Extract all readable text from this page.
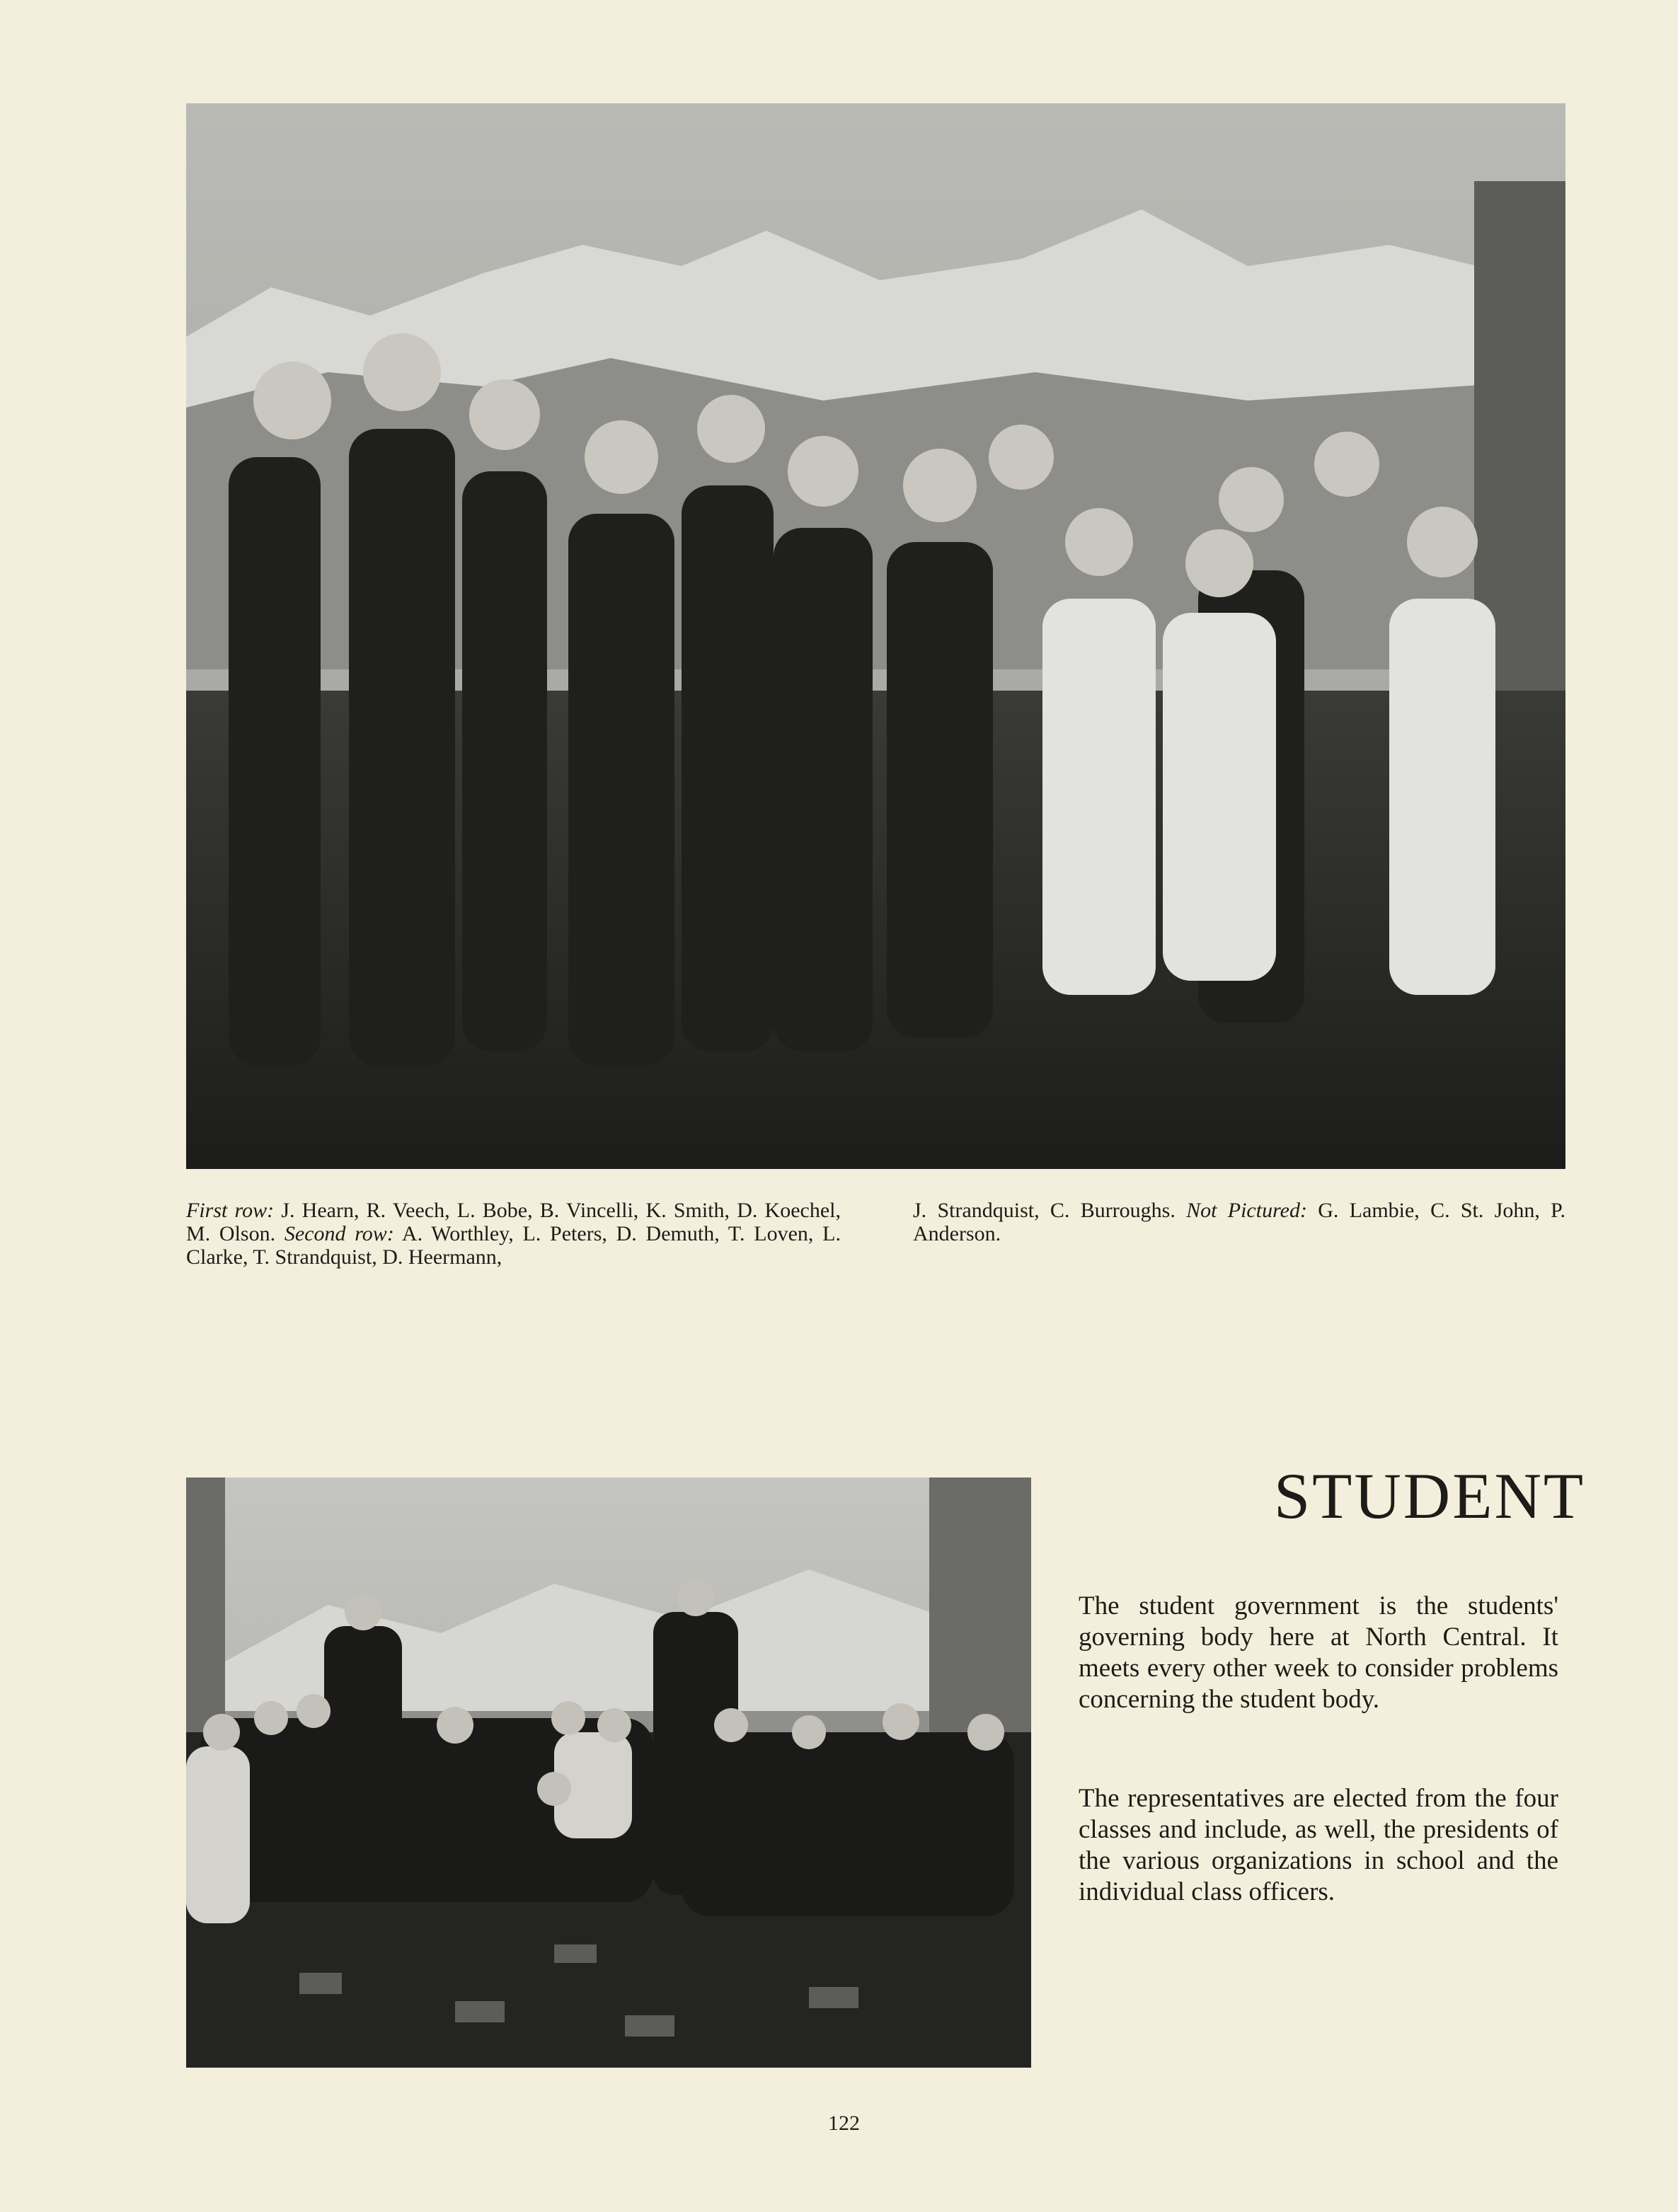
First row: J. Hearn, R. Veech, L. Bobe, B. Vincelli, K. Smith, D. Koechel, M. Olson. Second row: A. Worthley, L. Peters, D. Demuth, T. Loven, L. Clarke, T. Strandquist, D. Heermann,
J. Strandquist, C. Burroughs. Not Pictured: G. Lambie, C. St. John, P. Anderson.
STUDENT
The student government is the students' governing body here at North Central. It meets every other week to consider problems concerning the student body.
The representatives are elected from the four classes and include, as well, the presidents of the various organizations in school and the individual class officers.
122
